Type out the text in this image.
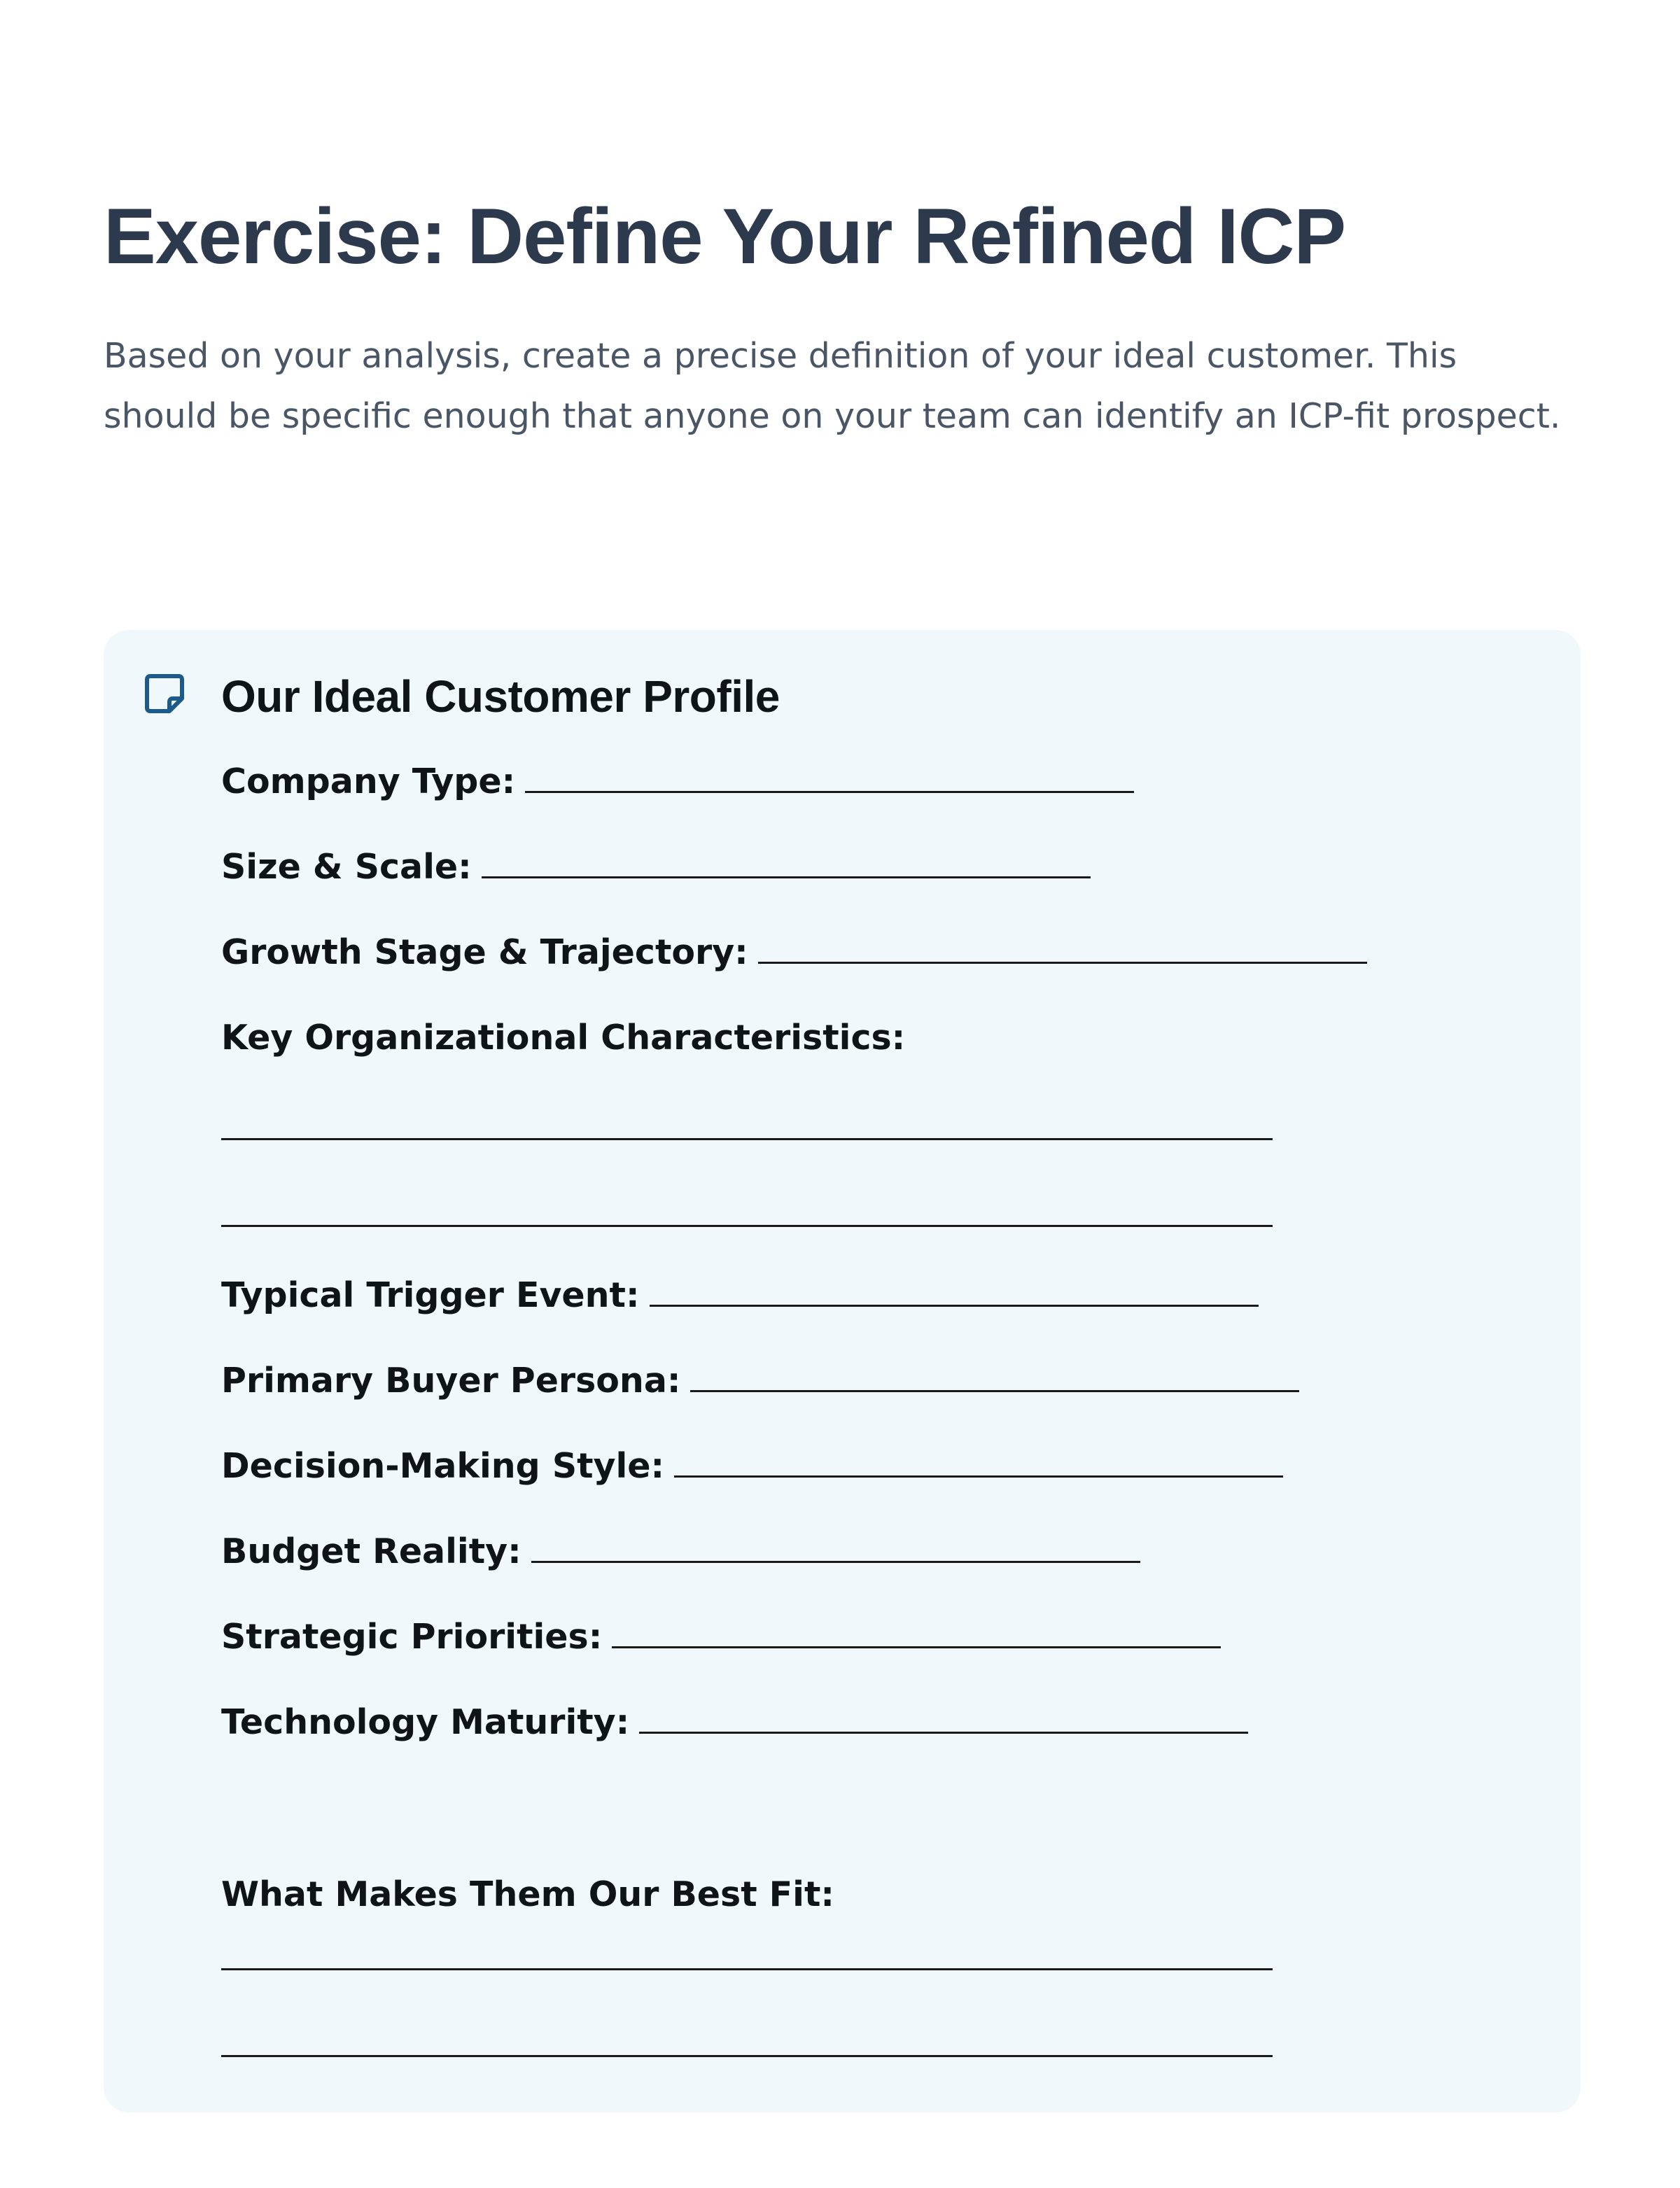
Exercise: Define Your Refined ICP

Based on your analysis, create a precise definition of your ideal customer. This should be specific enough that anyone on your team can identify an ICP-fit prospect.

Our Ideal Customer Profile
Company Type:
Size & Scale:
Growth Stage & Trajectory:
Key Organizational Characteristics:
Typical Trigger Event:
Primary Buyer Persona:
Decision-Making Style:
Budget Reality:
Strategic Priorities:
Technology Maturity:
What Makes Them Our Best Fit:
